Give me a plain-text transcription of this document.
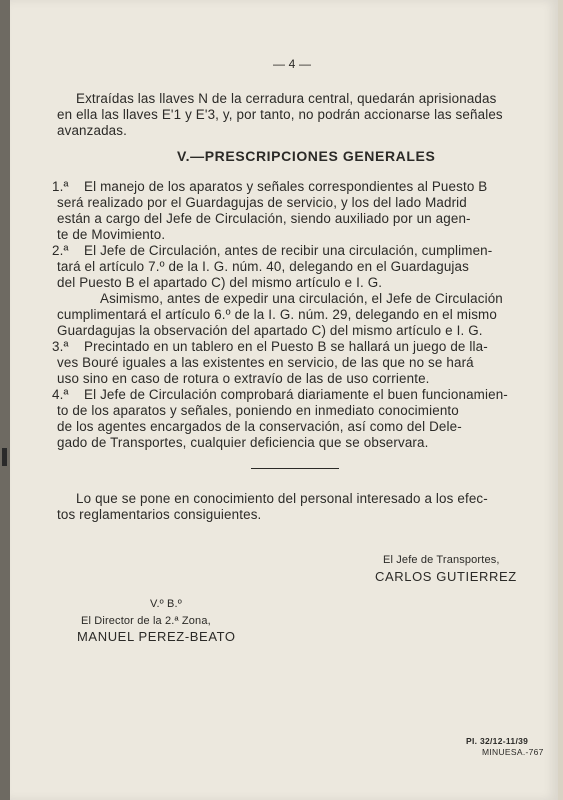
— 4 —
Extraídas las llaves N de la cerradura central, quedarán aprisionadas
en ella las llaves E'1 y E'3, y, por tanto, no podrán accionarse las señales
avanzadas.
V.—PRESCRIPCIONES GENERALES
1.ª El manejo de los aparatos y señales correspondientes al Puesto B
será realizado por el Guardagujas de servicio, y los del lado Madrid
están a cargo del Jefe de Circulación, siendo auxiliado por un agen-
te de Movimiento.
2.ª El Jefe de Circulación, antes de recibir una circulación, cumplimen-
tará el artículo 7.º de la I. G. núm. 40, delegando en el Guardagujas
del Puesto B el apartado C) del mismo artículo e I. G.
Asimismo, antes de expedir una circulación, el Jefe de Circulación
cumplimentará el artículo 6.º de la I. G. núm. 29, delegando en el mismo
Guardagujas la observación del apartado C) del mismo artículo e I. G.
3.ª Precintado en un tablero en el Puesto B se hallará un juego de lla-
ves Bouré iguales a las existentes en servicio, de las que no se hará
uso sino en caso de rotura o extravío de las de uso corriente.
4.ª El Jefe de Circulación comprobará diariamente el buen funcionamien-
to de los aparatos y señales, poniendo en inmediato conocimiento
de los agentes encargados de la conservación, así como del Dele-
gado de Transportes, cualquier deficiencia que se observara.
Lo que se pone en conocimiento del personal interesado a los efec-
tos reglamentarios consiguientes.
El Jefe de Transportes,
CARLOS GUTIERREZ
V.º B.º
El Director de la 2.ª Zona,
MANUEL PEREZ-BEATO
PI. 32/12-11/39
MINUESA.-767
